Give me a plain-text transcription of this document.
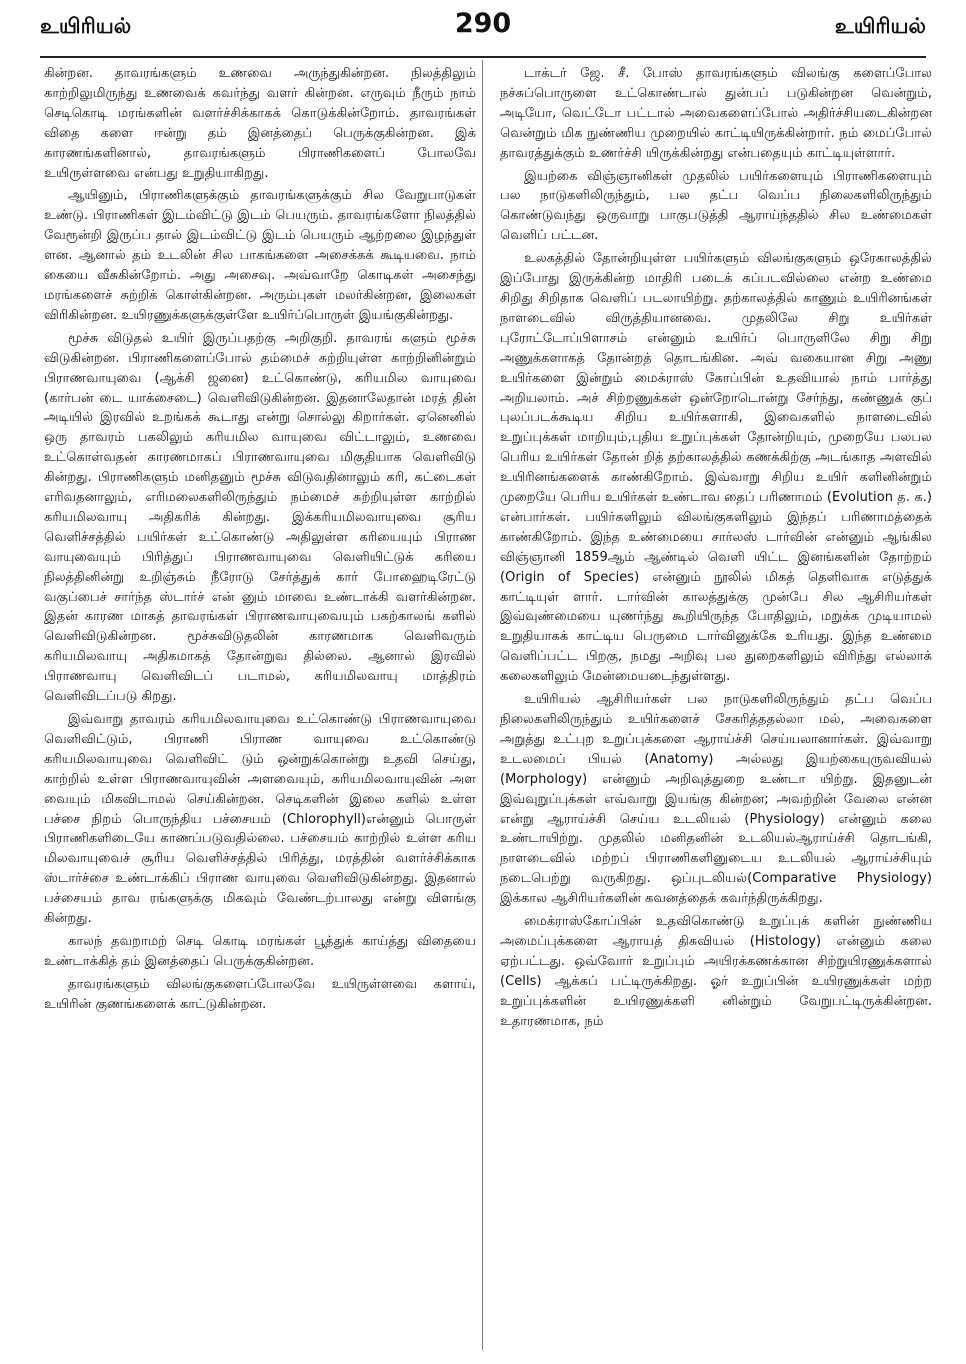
உயிரியல்	290	உயிரியல்

கின்றன. தாவரங்களும் உணவை அருந்துகின்றன. நிலத்திலும் காற்றிலுமிருந்து உணவைக் கவர்ந்து வளர் கின்றன. எருவும் நீரும் நாம் செடிகொடி மரங்களின் வளர்ச்சிக்காகக் கொடுக்கின்றோம். தாவரங்கள் விதை களை ஈன்று தம் இனத்தைப் பெருக்குகின்றன. இக் காரணங்களினால், தாவரங்களும் பிராணிகளைப் போலவே உயிருள்ளவை என்பது உறுதியாகிறது.

ஆயினும், பிராணிகளுக்கும் தாவரங்களுக்கும் சில வேறுபாடுகள் உண்டு. பிராணிகள் இடம்விட்டு இடம் பெயரும். தாவரங்களோ நிலத்தில் வேரூன்றி இருப்ப தால் இடம்விட்டு இடம் பெயரும் ஆற்றலை இழந்துள் ளன. ஆனால் தம் உடலின் சில பாகங்களை அசைக்கக் கூடியவை. நாம் கையை வீசுகின்றோம். அது அசைவு. அவ்வாறே கொடிகள் அசைந்து மரங்களைச் சுற்றிக் கொள்கின்றன. அரும்புகள் மலர்கின்றன, இலைகள் விரிகின்றன. உயிரணுக்களுக்குள்ளே உயிர்ப்பொருள் இயங்குகின்றது.

மூச்சு விடுதல் உயிர் இருப்பதற்கு அறிகுறி. தாவரங் களும் மூச்சு விடுகின்றன. பிராணிகளைப்போல் தம்மைச் சுற்றியுள்ள காற்றினின்றும் பிராணவாயுவை (ஆக்சி ஜனை) உட்கொண்டு, கரியமில வாயுவை (கார்பன் டை யாக்சைடை) வெளிவிடுகின்றன. இதனாலேதான் மரத் தின் அடியில் இரவில் உறங்கக் கூடாது என்று சொல்லு கிறார்கள். ஏனெனில் ஒரு தாவரம் பகலிலும் கரியமில வாயுவை விட்டாலும், உணவை உட்கொள்வதன் காரணமாகப் பிராணவாயுவை மிகுதியாக வெளிவிடு கின்றது. பிராணிகளும் மனிதனும் மூச்சு விடுவதினாலும் கரி, கட்டைகள் எரிவதனாலும், எரிமலைகளிலிருந்தும் நம்மைச் சுற்றியுள்ள காற்றில் கரியமிலவாயு அதிகரிக் கின்றது. இக்கரியமிலவாயுவை சூரிய வெளிச்சத்தில் பயிர்கள் உட்கொண்டு அதிலுள்ள கரியையும் பிராண வாயுவையும் பிரித்துப் பிராணவாயுவை வெளியிட்டுக் கரியை நிலத்தினின்று உறிஞ்சும் நீரோடு சேர்த்துக் கார் போஹைடிரேட்டு வகுப்பைச் சார்ந்த ஸ்டார்ச் என் னும் மாவை உண்டாக்கி வளர்கின்றன. இதன் காரண மாகத் தாவரங்கள் பிராணவாயுவையும் பகற்காலங் களில் வெளிவிடுகின்றன. மூச்சுவிடுதலின் காரணமாக வெளிவரும் கரியமிலவாயு அதிகமாகத் தோன்றுவ தில்லை. ஆனால் இரவில் பிராணவாயு வெளிவிடப் படாமல், கரியமிலவாயு மாத்திரம் வெளிவிடப்படு கிறது.

இவ்வாறு தாவரம் கரியமிலவாயுவை உட்கொண்டு பிராணவாயுவை வெளிவிட்டும், பிராணி பிராண வாயுவை உட்கொண்டு கரியமிலவாயுவை வெளிவிட் டும் ஒன்றுக்கொன்று உதவி செய்து, காற்றில் உள்ள பிராணவாயுவின் அளவையும், கரியமிலவாயுவின் அள வையும் மிகவிடாமல் செய்கின்றன. செடிகளின் இலை களில் உள்ள பச்சை நிறம் பொருந்திய பச்சையம் (Chlorophyll)என்னும் பொருள் பிராணிகளிடையே காணப்படுவதில்லை. பச்சையம் காற்றில் உள்ள கரிய மிலவாயுவைச் சூரிய வெளிச்சத்தில் பிரித்து, மரத்தின் வளர்ச்சிக்காக ஸ்டார்ச்சை உண்டாக்கிப் பிராண வாயுவை வெளிவிடுகின்றது. இதனால் பச்சையம் தாவ ரங்களுக்கு மிகவும் வேண்டற்பாலது என்று விளங்கு கின்றது.

காலந் தவறாமற் செடி கொடி மரங்கள் பூத்துக் காய்த்து விதையை உண்டாக்கித் தம் இனத்தைப் பெருக்குகின்றன.

தாவரங்களும் விலங்குகளைப்போலவே உயிருள்ளவை களாய், உயிரின் குணங்களைக் காட்டுகின்றன.

டாக்டர் ஜே. சீ. போஸ் தாவரங்களும் விலங்கு களைப்போல நச்சுப்பொருளை உட்கொண்டால் துன்பப் படுகின்றன வென்றும், அடியோ, வெட்டோ பட்டால் அவைகளைப்போல் அதிர்ச்சியடைகின்றன வென்றும் மிக நுண்ணிய முறையில் காட்டியிருக்கின்றார். நம் மைப்போல் தாவரத்துக்கும் உணர்ச்சி யிருக்கின்றது என்பதையும் காட்டியுள்ளார்.

இயற்கை விஞ்ஞானிகள் முதலில் பயிர்களையும் பிராணிகளையும் பல நாடுகளிலிருந்தும், பல தட்ப வெப்ப நிலைகளிலிருந்தும் கொண்டுவந்து ஒருவாறு பாகுபடுத்தி ஆராய்ந்ததில் சில உண்மைகள் வெளிப் பட்டன.

உலகத்தில் தோன்றியுள்ள பயிர்களும் விலங்குகளும் ஒரேகாலத்தில் இப்போது இருக்கின்ற மாதிரி படைக் கப்படவில்லை என்ற உண்மை சிறிது சிறிதாக வெளிப் படலாயிற்று. தற்காலத்தில் காணும் உயிரினங்கள் நாளடைவில் விருத்தியானவை. முதலிலே சிறு உயிர்கள் புரோட்டோப்பிளாசம் என்னும் உயிர்ப் பொருளிலே சிறு சிறு அணுக்களாகத் தோன்றத் தொடங்கின. அவ் வகையான சிறு அணு உயிர்களை இன்றும் மைக்ராஸ் கோப்பின் உதவியால் நாம் பார்த்து அறியலாம். அச் சிற்றணுக்கள் ஒன்றோடொன்று சேர்ந்து, கண்ணுக் குப் புலப்படக்கூடிய சிறிய உயிர்களாகி, இவைகளில் நாளடைவில் உறுப்புக்கள் மாறியும்,புதிய உறுப்புக்கள் தோன்றியும், முறையே பலபல பெரிய உயிர்கள் தோன் றித் தற்காலத்தில் கணக்கிற்கு அடங்காத அளவில் உயிரினங்களைக் காண்கிறோம். இவ்வாறு சிறிய உயிர் களினின்றும் முறையே பெரிய உயிர்கள் உண்டாவ தைப் பரிணாமம் (Evolution த. க.) என்பார்கள். பயிர்களிலும் விலங்குகளிலும் இந்தப் பரிணாமத்தைக் காண்கிறோம். இந்த உண்மையை சார்லஸ் டார்வின் என்னும் ஆங்கில விஞ்ஞானி 1859ஆம் ஆண்டில் வெளி யிட்ட இனங்களின் தோற்றம் (Origin of Species) என்னும் நூலில் மிகத் தெளிவாக எடுத்துக் காட்டியுள் ளார். டார்வின் காலத்துக்கு முன்பே சில ஆசிரியர்கள் இவ்வுண்மையை யுணர்ந்து கூறியிருந்த போதிலும், மறுக்க முடியாமல் உறுதியாகக் காட்டிய பெருமை டார்வினுக்கே உரியது. இந்த உண்மை வெளிப்பட்ட பிறகு, நமது அறிவு பல துறைகளிலும் விரிந்து எல்லாக் கலைகளிலும் மேன்மையடைந்துள்ளது.

உயிரியல் ஆசிரியர்கள் பல நாடுகளிலிருந்தும் தட்ப வெப்ப நிலைகளிலிருந்தும் உயிர்களைச் சேகரித்ததல்லா மல், அவைகளை அறுத்து உட்புற உறுப்புக்களை ஆராய்ச்சி செய்யலானார்கள். இவ்வாறு உடலமைப் பியல் (Anatomy) அல்லது இயற்கையுருவவியல் (Morphology) என்னும் அறிவுத்துறை உண்டா யிற்று. இதனுடன் இவ்வுறுப்புக்கள் எவ்வாறு இயங்கு கின்றன; அவற்றின் வேலை என்ன என்று ஆராய்ச்சி செய்ய உடலியல் (Physiology) என்னும் கலை உண்டாயிற்று. முதலில் மனிதனின் உடலியல்ஆராய்ச்சி தொடங்கி, நாளடைவில் மற்றப் பிராணிகளினுடைய உடலியல் ஆராய்ச்சியும் நடைபெற்று வருகிறது. ஒப்புடலியல்(Comparative Physiology) இக்கால ஆசிரியர்களின் கவனத்தைக் கவர்ந்திருக்கிறது.

மைக்ராஸ்கோப்பின் உதவிகொண்டு உறுப்புக் களின் நுண்ணிய அமைப்புக்களை ஆராயத் திசுவியல் (Histology) என்னும் கலை ஏற்பட்டது. ஒவ்வோர் உறுப்பும் அயிரக்கணக்கான சிற்றுயிரணுக்களால் (Cells) ஆக்கப் பட்டிருக்கிறது. ஓர் உறுப்பின் உயிரணுக்கள் மற்ற உறுப்புக்களின் உயிரணுக்களி னின்றும் வேறுபட்டிருக்கின்றன. உதாரணமாக, நம்
